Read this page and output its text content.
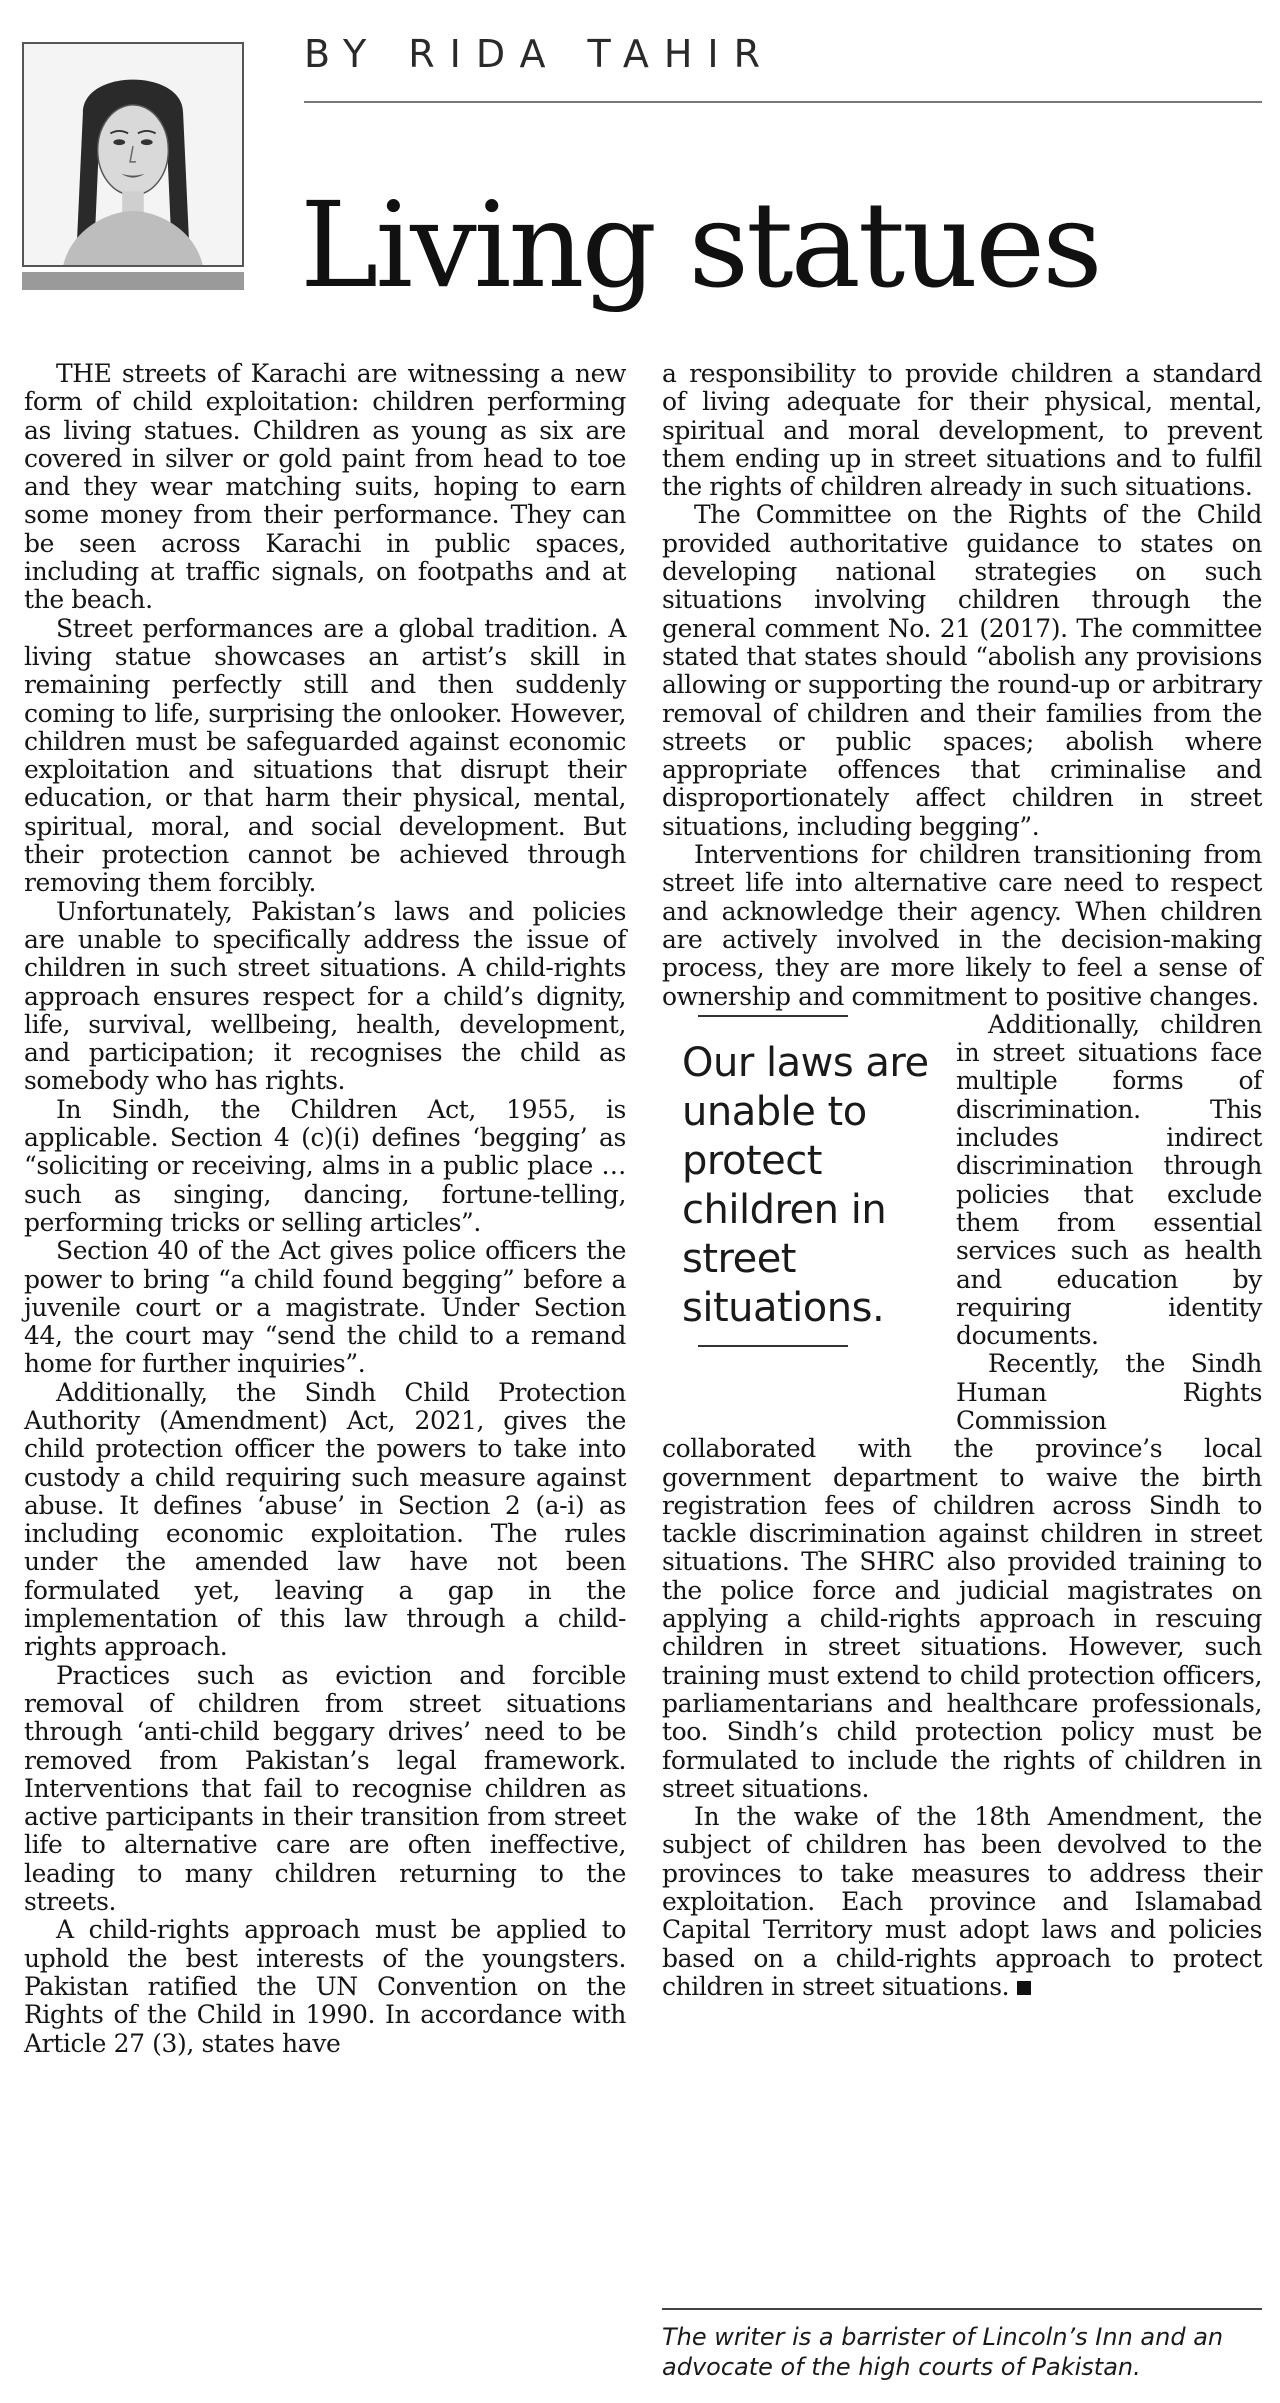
BY RIDA TAHIR
Living statues

THE streets of Karachi are witnessing a new form of child exploitation: children performing as living statues. Children as young as six are covered in silver or gold paint from head to toe and they wear matching suits, hoping to earn some money from their performance. They can be seen across Karachi in public spaces, including at traffic signals, on footpaths and at the beach.

Street performances are a global tradition. A living statue showcases an artist’s skill in remaining perfectly still and then suddenly coming to life, surprising the onlooker. However, children must be safeguarded against economic exploitation and situations that disrupt their education, or that harm their physical, mental, spiritual, moral, and social development. But their protection cannot be achieved through removing them forcibly.

Unfortunately, Pakistan’s laws and policies are unable to specifically address the issue of children in such street situations. A child-rights approach ensures respect for a child’s dignity, life, survival, wellbeing, health, development, and participation; it recognises the child as somebody who has rights.

In Sindh, the Children Act, 1955, is applicable. Section 4 (c)(i) defines ‘begging’ as “soliciting or receiving, alms in a public place … such as singing, dancing, fortune-telling, performing tricks or selling articles”.

Section 40 of the Act gives police officers the power to bring “a child found begging” before a juvenile court or a magistrate. Under Section 44, the court may “send the child to a remand home for further inquiries”.

Additionally, the Sindh Child Protection Authority (Amendment) Act, 2021, gives the child protection officer the powers to take into custody a child requiring such measure against abuse. It defines ‘abuse’ in Section 2 (a-i) as including economic exploitation. The rules under the amended law have not been formulated yet, leaving a gap in the implementation of this law through a child-rights approach.

Practices such as eviction and forcible removal of children from street situations through ‘anti-child beggary drives’ need to be removed from Pakistan’s legal framework. Interventions that fail to recognise children as active participants in their transition from street life to alternative care are often ineffective, leading to many children returning to the streets.

A child-rights approach must be applied to uphold the best interests of the youngsters. Pakistan ratified the UN Convention on the Rights of the Child in 1990. In accordance with Article 27 (3), states have

a responsibility to provide children a standard of living adequate for their physical, mental, spiritual and moral development, to prevent them ending up in street situations and to fulfil the rights of children already in such situations.

The Committee on the Rights of the Child provided authoritative guidance to states on developing national strategies on such situations involving children through the general comment No. 21 (2017). The committee stated that states should “abolish any provisions allowing or supporting the round-up or arbitrary removal of children and their families from the streets or public spaces; abolish where appropriate offences that criminalise and disproportionately affect children in street situations, including begging”.

Interventions for children transitioning from street life into alternative care need to respect and acknowledge their agency. When children are actively involved in the decision-making process, they are more likely to feel a sense of ownership and commitment to positive changes.

Our laws are unable to protect children in street situations.

Additionally, children in street situations face multiple forms of discrimination. This includes indirect discrimination through policies that exclude them from essential services such as health and education by requiring identity documents.

Recently, the Sindh Human Rights Commission collaborated with the province’s local government department to waive the birth registration fees of children across Sindh to tackle discrimination against children in street situations. The SHRC also provided training to the police force and judicial magistrates on applying a child-rights approach in rescuing children in street situations. However, such training must extend to child protection officers, parliamentarians and healthcare professionals, too. Sindh’s child protection policy must be formulated to include the rights of children in street situations.

In the wake of the 18th Amendment, the subject of children has been devolved to the provinces to take measures to address their exploitation. Each province and Islamabad Capital Territory must adopt laws and policies based on a child-rights approach to protect children in street situations.

The writer is a barrister of Lincoln’s Inn and an advocate of the high courts of Pakistan.
